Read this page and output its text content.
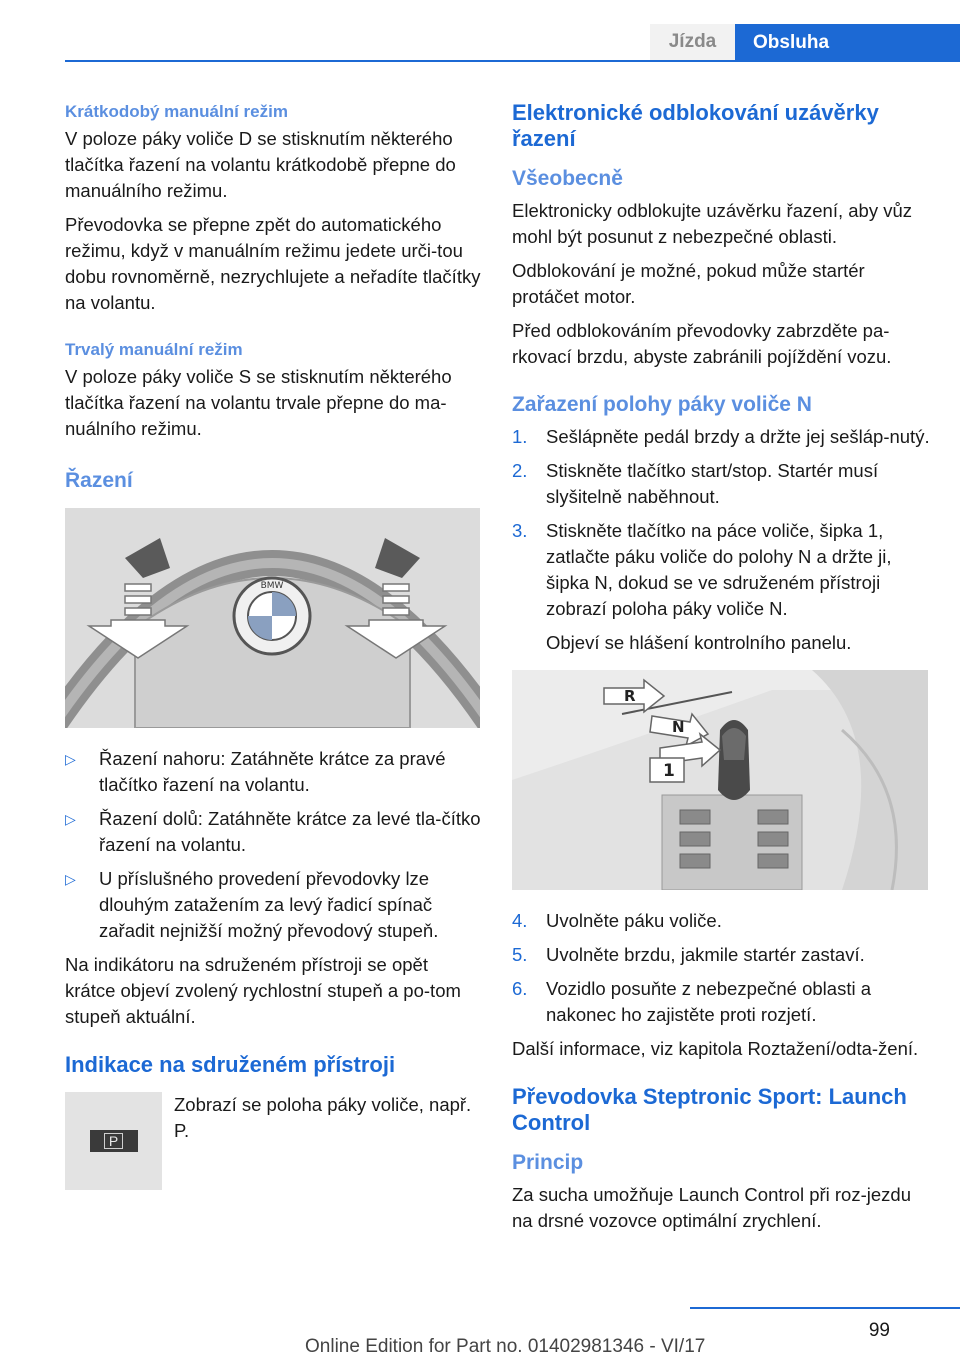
Jízda	Obsluha
Krátkodobý manuální režim

V poloze páky voliče D se stisknutím některého tlačítka řazení na volantu krátkodobě přepne do manuálního režimu.

Převodovka se přepne zpět do automatického režimu, když v manuálním režimu jedete urči‐tou dobu rovnoměrně, nezrychlujete a neřadíte tlačítky na volantu.

Trvalý manuální režim

V poloze páky voliče S se stisknutím některého tlačítka řazení na volantu trvale přepne do ma‐nuálního režimu.

Řazení
BMW
▷ Řazení nahoru: Zatáhněte krátce za pravé tlačítko řazení na volantu.
▷ Řazení dolů: Zatáhněte krátce za levé tla‐čítko řazení na volantu.
▷ U příslušného provedení převodovky lze dlouhým zatažením za levý řadicí spínač zařadit nejnižší možný převodový stupeň.

Na indikátoru na sdruženém přístroji se opět krátce objeví zvolený rychlostní stupeň a po‐tom stupeň aktuální.

Indikace na sdruženém přístroji
P
Zobrazí se poloha páky voliče, např. P.
Elektronické odblokování uzávěrky řazení
Všeobecně

Elektronicky odblokujte uzávěrku řazení, aby vůz mohl být posunut z nebezpečné oblasti.

Odblokování je možné, pokud může startér protáčet motor.

Před odblokováním převodovky zabrzděte pa‐rkovací brzdu, abyste zabránili pojíždění vozu.

Zařazení polohy páky voliče N
1. Sešlápněte pedál brzdy a držte jej sešláp‐nutý.
2. Stiskněte tlačítko start/stop. Startér musí slyšitelně naběhnout.
3. Stiskněte tlačítko na páce voliče, šipka 1, zatlačte páku voliče do polohy N a držte ji, šipka N, dokud se ve sdruženém přístroji zobrazí poloha páky voliče N.

Objeví se hlášení kontrolního panelu.

R
N
1
4. Uvolněte páku voliče.
5. Uvolněte brzdu, jakmile startér zastaví.
6. Vozidlo posuňte z nebezpečné oblasti a nakonec ho zajistěte proti rozjetí.

Další informace, viz kapitola Roztažení/odta‐žení.

Převodovka Steptronic Sport: Launch Control
Princip

Za sucha umožňuje Launch Control při roz‐jezdu na drsné vozovce optimální zrychlení.

99
Online Edition for Part no. 01402981346 - VI/17
